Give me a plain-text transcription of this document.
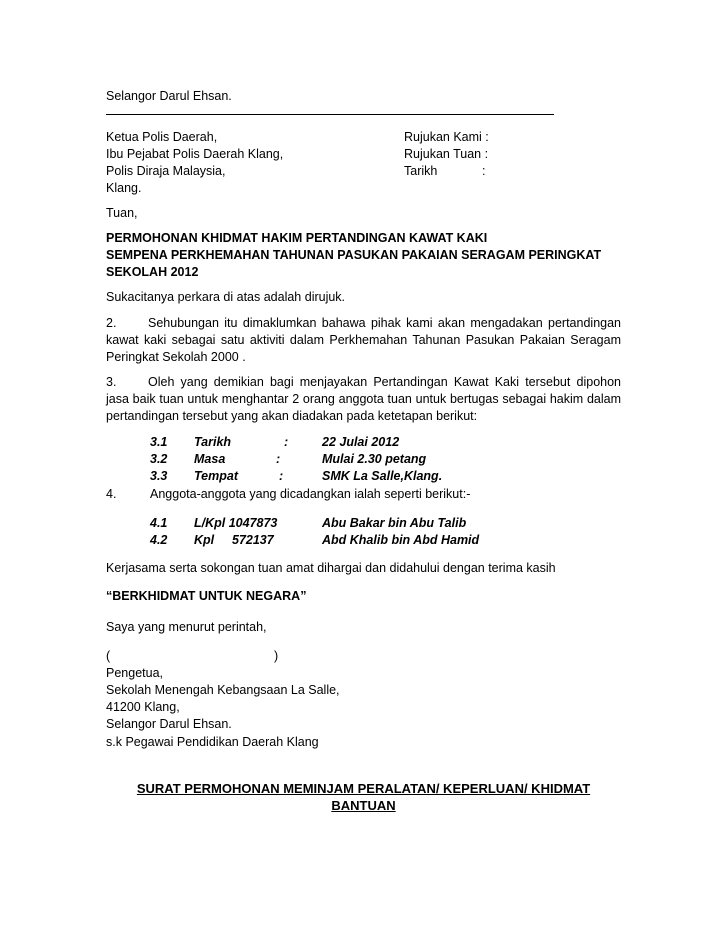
Selangor Darul Ehsan.
Ketua Polis Daerah,
Ibu Pejabat Polis Daerah Klang,
Polis Diraja Malaysia,
Klang.
Rujukan Kami :
Rujukan Tuan :
Tarikh	:
Tuan,
PERMOHONAN KHIDMAT HAKIM PERTANDINGAN KAWAT KAKI
SEMPENA PERKHEMAHAN TAHUNAN PASUKAN PAKAIAN SERAGAM PERINGKAT
SEKOLAH 2012
Sukacitanya perkara di atas adalah dirujuk.
2.	Sehubungan itu dimaklumkan bahawa pihak kami akan mengadakan pertandingan kawat kaki sebagai satu aktiviti dalam Perkhemahan Tahunan Pasukan Pakaian Seragam Peringkat Sekolah 2000 .
3.	Oleh yang demikian bagi menjayakan Pertandingan Kawat Kaki tersebut dipohon jasa baik tuan untuk menghantar 2 orang anggota tuan untuk bertugas sebagai hakim dalam pertandingan tersebut yang akan diadakan pada ketetapan berikut:
3.1 Tarikh	:	22 Julai 2012
3.2 Masa	:	Mulai 2.30 petang
3.3 Tempat	:	SMK La Salle,Klang.
4.	Anggota-anggota yang dicadangkan ialah seperti berikut:-
4.1 L/Kpl 1047873	Abu Bakar bin Abu Talib
4.2 Kpl 572137	Abd Khalib bin Abd Hamid
Kerjasama serta sokongan tuan amat dihargai dan didahului dengan terima kasih
“BERKHIDMAT UNTUK NEGARA”
Saya yang menurut perintah,
(	)
Pengetua,
Sekolah Menengah Kebangsaan La Salle,
41200 Klang,
Selangor Darul Ehsan.
s.k Pegawai Pendidikan Daerah Klang
SURAT PERMOHONAN MEMINJAM PERALATAN/ KEPERLUAN/ KHIDMAT
BANTUAN
